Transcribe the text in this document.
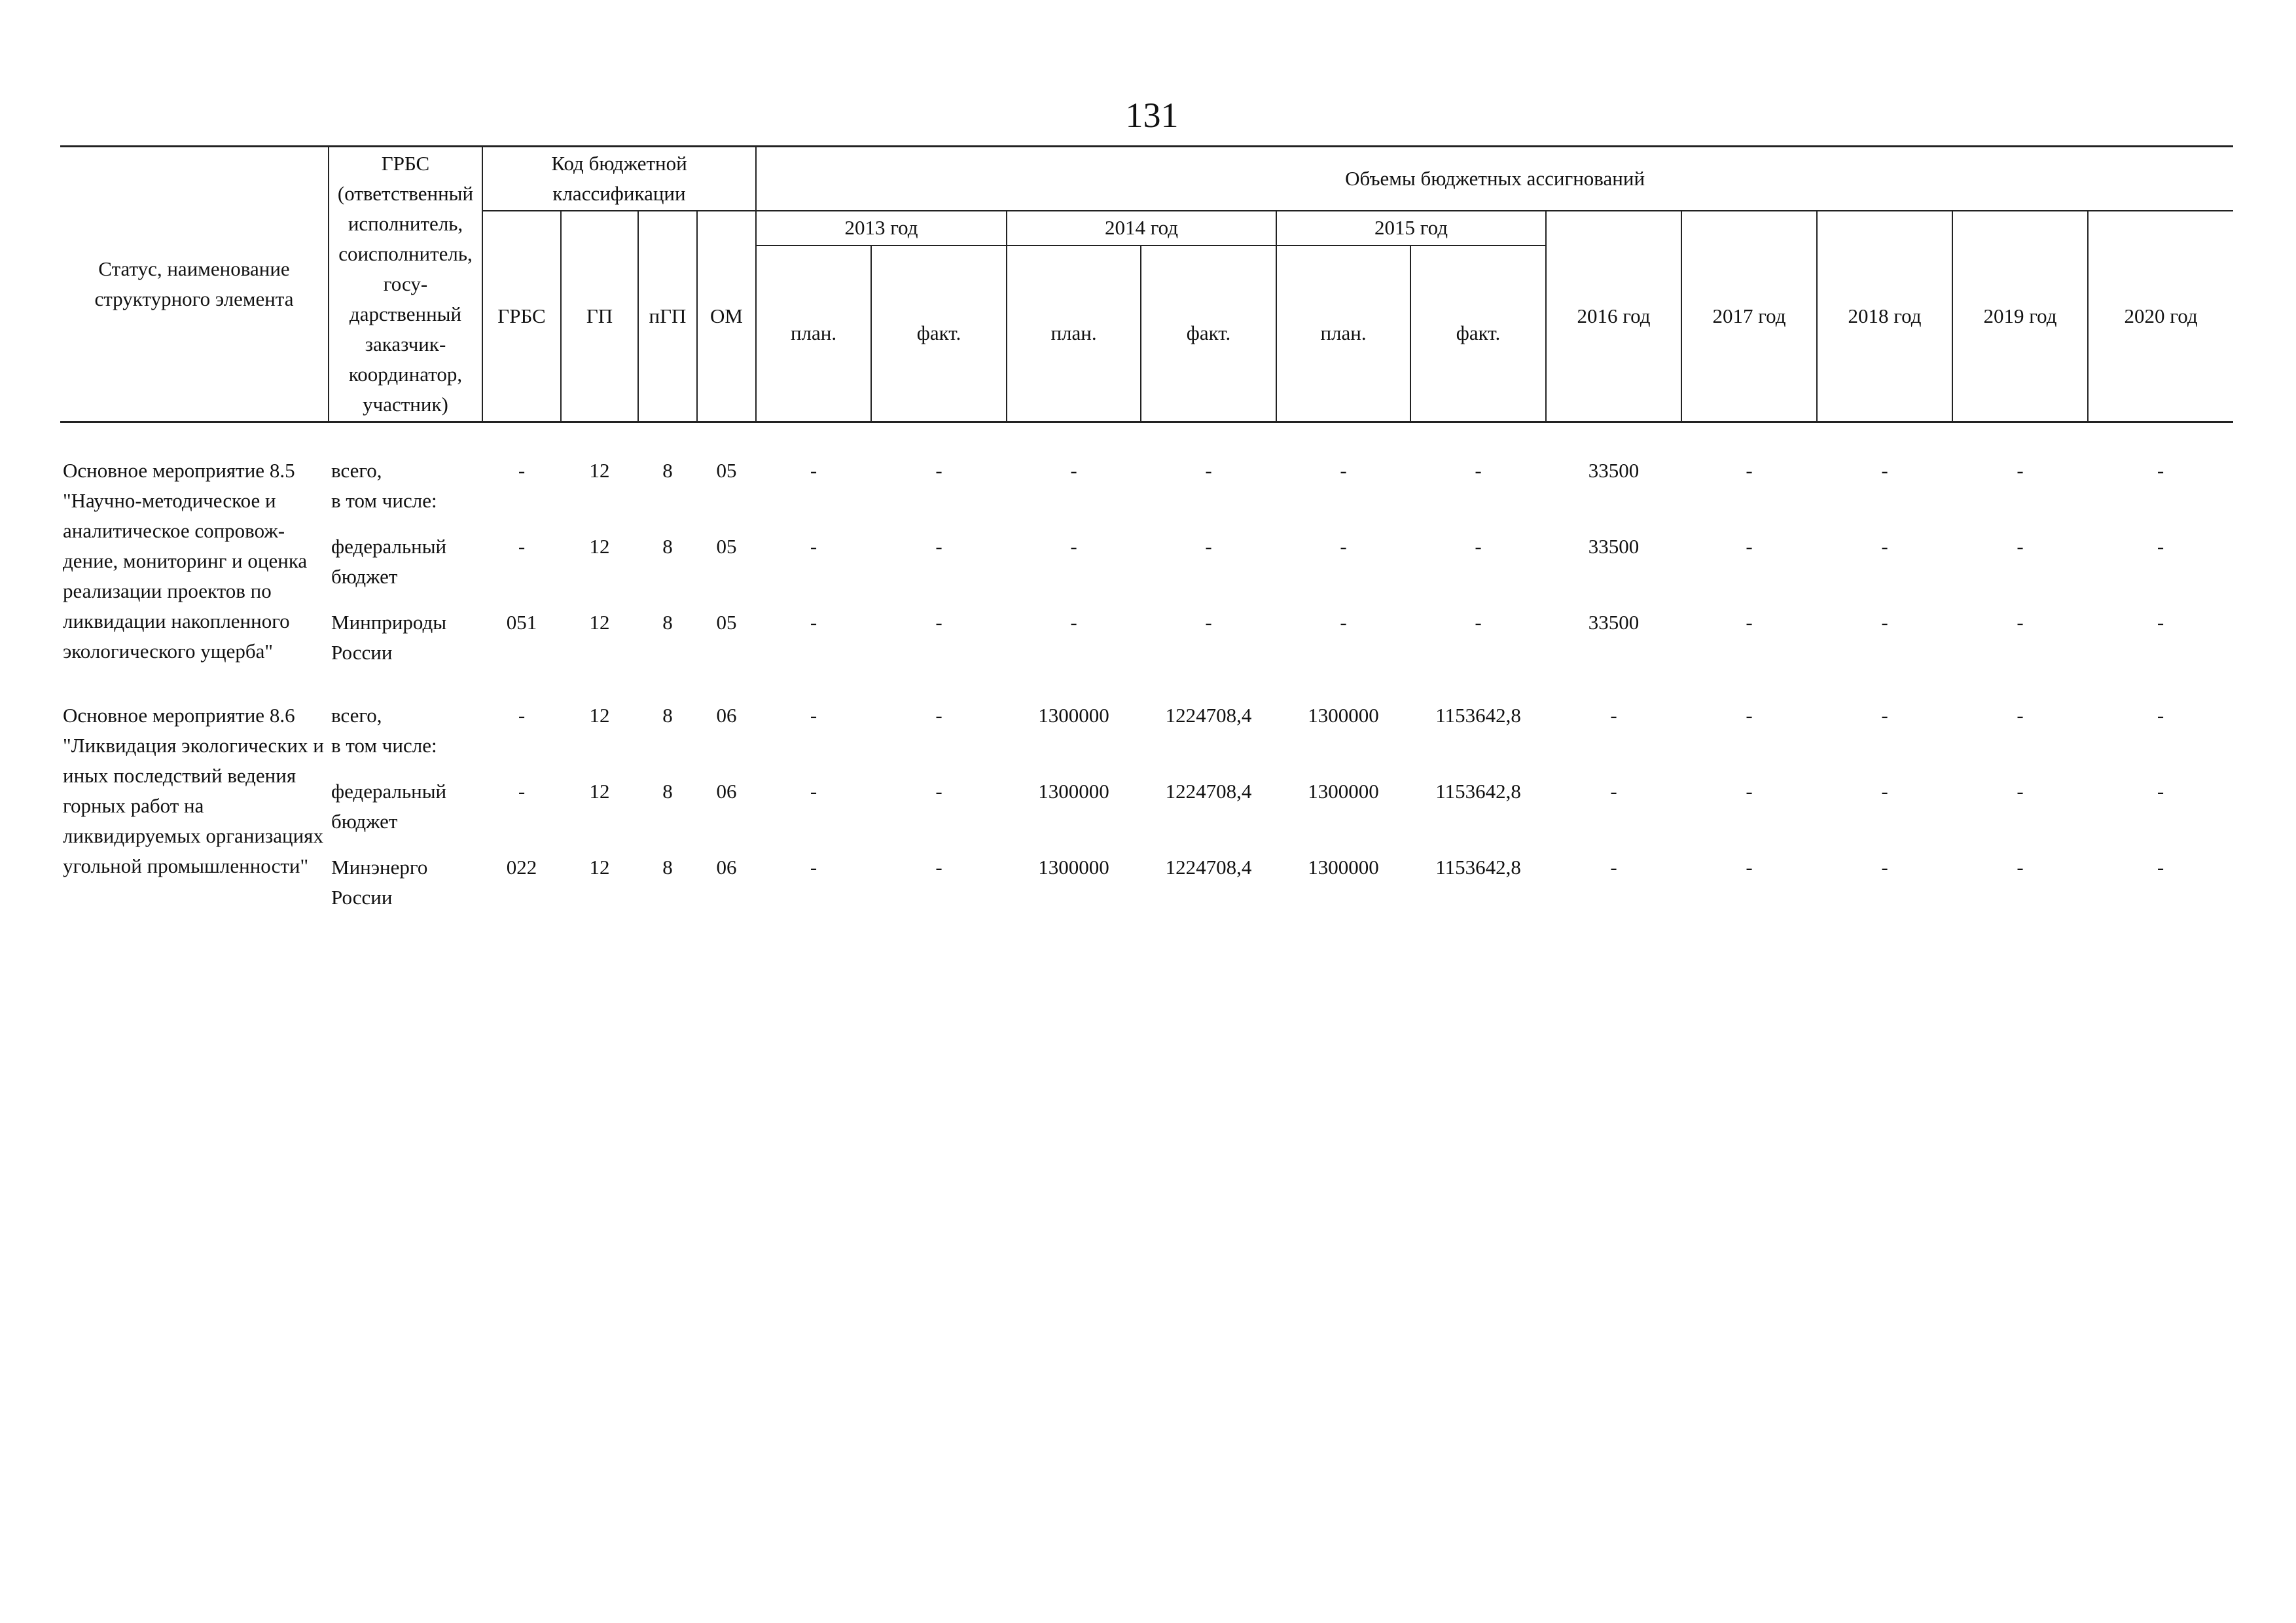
131
Статус, наименование структурного элемента	ГРБС (ответственный исполнитель, соисполнитель, государственный заказчик-координатор, участник)	Код бюджетной классификации				Объемы бюджетных ассигнований										
		ГРБС	ГП	пГП	ОМ	2013 год		2014 год		2015 год		2016 год	2017 год	2018 год	2019 год	2020 год
						план.	факт.	план.	факт.	план.	факт.					
Основное мероприятие 8.5 "Научно-методическое и аналитическое сопровождение, мониторинг и оценка реализации проектов по ликвидации накопленного экологического ущерба"	всего,	-	12	8	05	-	-	-	-	-	-	33500	-	-	-	-
	в том числе:															
	федеральный бюджет	-	12	8	05	-	-	-	-	-	-	33500	-	-	-	-
	Минприроды России	051	12	8	05	-	-	-	-	-	-	33500	-	-	-	-
Основное мероприятие 8.6 "Ликвидация экологических и иных последствий ведения горных работ на ликвидируемых организациях угольной промышленности"	всего,	-	12	8	06	-	-	1300000	1224708,4	1300000	1153642,8	-	-	-	-	-
	в том числе:															
	федеральный бюджет	-	12	8	06	-	-	1300000	1224708,4	1300000	1153642,8	-	-	-	-	-
	Минэнерго России	022	12	8	06	-	-	1300000	1224708,4	1300000	1153642,8	-	-	-	-	-
